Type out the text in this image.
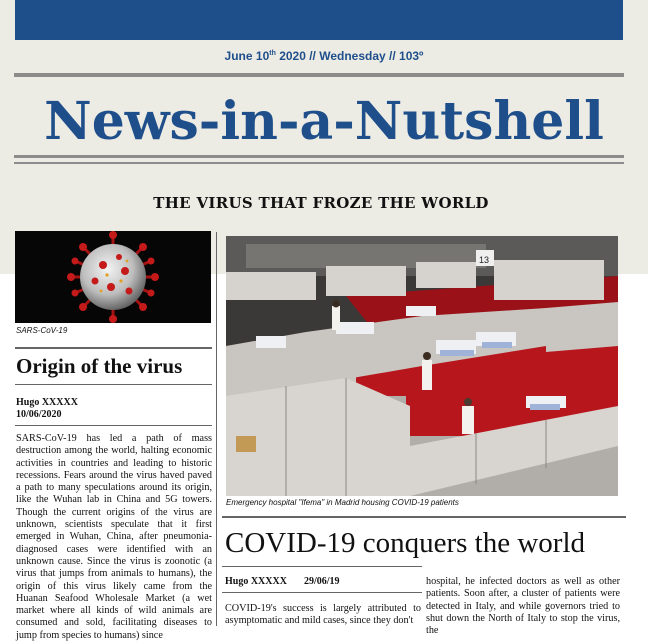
June 10th 2020 // Wednesday // 103º
News-in-a-Nutshell
THE VIRUS THAT FROZE THE WORLD
SARS-CoV-19
Origin of the virus
Hugo XXXXX
10/06/2020
SARS-CoV-19 has led a path of mass destruction among the world, halting economic activities in countries and leading to historic recessions. Fears around the virus haved paved a path to many speculations around its origin, like the Wuhan lab in China and 5G towers. Though the current origins of the virus are unknown, scientists speculate that it first emerged in Wuhan, China, after pneumonia-diagnosed cases were identified with an unknown cause. Since the virus is zoonotic (a virus that jumps from animals to humans), the origin of this virus likely came from the Huanan Seafood Wholesale Market (a wet market where all kinds of wild animals are consumed and sold, facilitating diseases to jump from species to humans) since
13
Emergency hospital "Ifema" in Madrid housing COVID-19 patients
COVID-19 conquers the world
Hugo XXXXX 29/06/19
COVID-19's success is largely attributed to asymptomatic and mild cases, since they don't
hospital, he infected doctors as well as other patients. Soon after, a cluster of patients were detected in Italy, and while governors tried to shut down the North of Italy to stop the virus, the
